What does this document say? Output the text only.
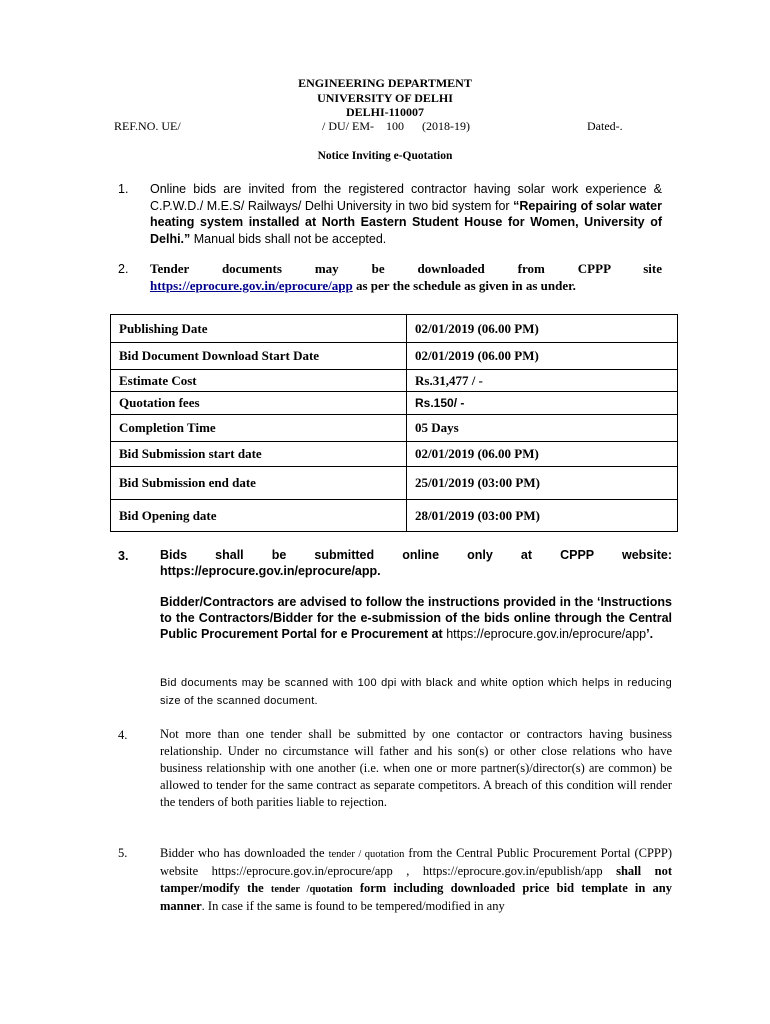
ENGINEERING DEPARTMENT
UNIVERSITY OF DELHI
DELHI-110007
REF.NO. UE/	/ DU/ EM-    100      (2018-19)	Dated-.
Notice Inviting e-Quotation
1. Online bids are invited from the registered contractor having solar work experience & C.P.W.D./ M.E.S/ Railways/ Delhi University in two bid system for “Repairing of solar water heating system installed at North Eastern Student House for Women, University of Delhi.” Manual bids shall not be accepted.
2. Tender documents may be downloaded from CPPP site
https://eprocure.gov.in/eprocure/app as per the schedule as given in as under.
Publishing Date	02/01/2019 (06.00 PM)
Bid Document Download Start Date	02/01/2019 (06.00 PM)
Estimate Cost	Rs.31,477 / -
Quotation fees	Rs.150/ -
Completion Time	05 Days
Bid Submission start date	02/01/2019 (06.00 PM)
Bid Submission end date	25/01/2019 (03:00 PM)
Bid Opening date	28/01/2019 (03:00 PM)
3.	Bids shall be submitted online only at CPPP website:
https://eprocure.gov.in/eprocure/app.
Bidder/Contractors are advised to follow the instructions provided in the ‘Instructions to the Contractors/Bidder for the e-submission of the bids online through the Central Public Procurement Portal for e Procurement at https://eprocure.gov.in/eprocure/app’.
Bid documents may be scanned with 100 dpi with black and white option which helps in reducing size of the scanned document.
4.	Not more than one tender shall be submitted by one contactor or contractors having business relationship. Under no circumstance will father and his son(s) or other close relations who have business relationship with one another (i.e. when one or more partner(s)/director(s) are common) be allowed to tender for the same contract as separate competitors. A breach of this condition will render the tenders of both parities liable to rejection.
5.	Bidder who has downloaded the tender / quotation from the Central Public Procurement Portal (CPPP) website https://eprocure.gov.in/eprocure/app , https://eprocure.gov.in/epublish/app shall not tamper/modify the tender /quotation form including downloaded price bid template in any manner. In case if the same is found to be tempered/modified in any
